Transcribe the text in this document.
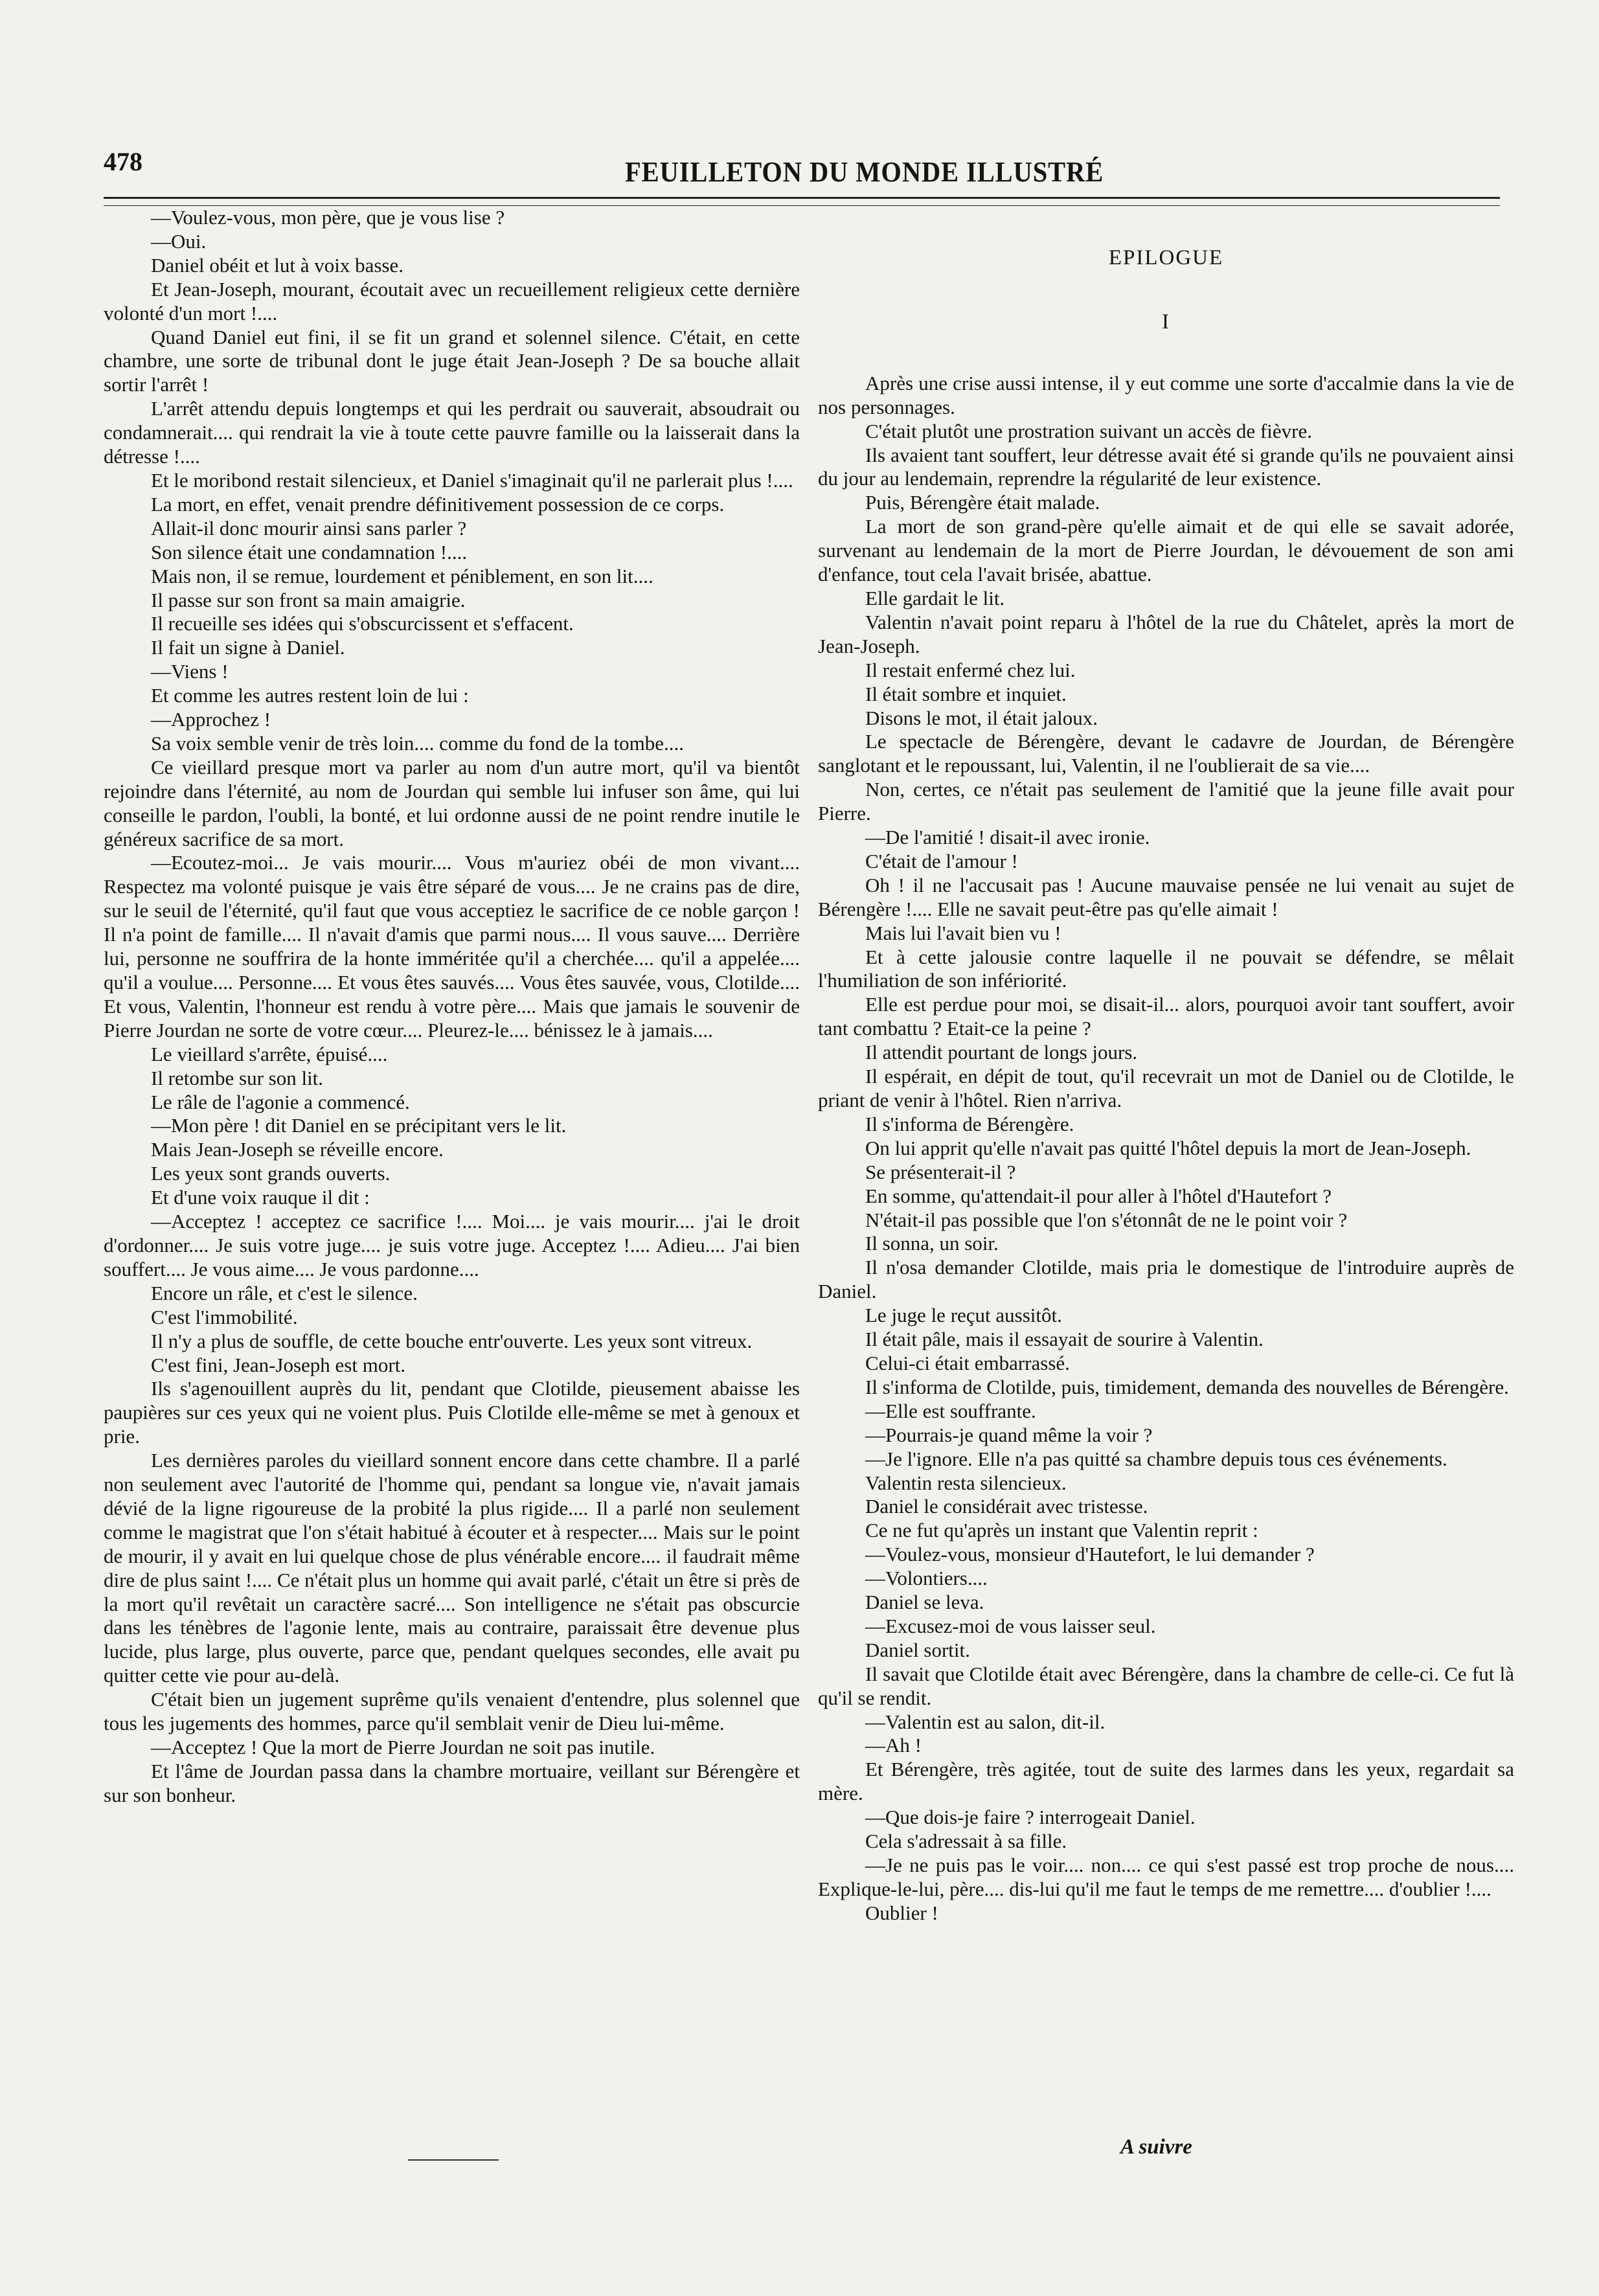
478	FEUILLETON DU MONDE ILLUSTRÉ

—Voulez-vous, mon père, que je vous lise ?

—Oui.

Daniel obéit et lut à voix basse.

Et Jean-Joseph, mourant, écoutait avec un recueillement religieux cette dernière volonté d'un mort !....

Quand Daniel eut fini, il se fit un grand et solennel silence. C'était, en cette chambre, une sorte de tribunal dont le juge était Jean-Joseph ? De sa bouche allait sortir l'arrêt !

L'arrêt attendu depuis longtemps et qui les perdrait ou sauverait, absoudrait ou condamnerait.... qui rendrait la vie à toute cette pauvre famille ou la laisserait dans la détresse !....

Et le moribond restait silencieux, et Daniel s'imaginait qu'il ne parlerait plus !....

La mort, en effet, venait prendre définitivement possession de ce corps.

Allait-il donc mourir ainsi sans parler ?

Son silence était une condamnation !....

Mais non, il se remue, lourdement et péniblement, en son lit....

Il passe sur son front sa main amaigrie.

Il recueille ses idées qui s'obscurcissent et s'effacent.

Il fait un signe à Daniel.

—Viens !

Et comme les autres restent loin de lui :

—Approchez !

Sa voix semble venir de très loin.... comme du fond de la tombe....

Ce vieillard presque mort va parler au nom d'un autre mort, qu'il va bientôt rejoindre dans l'éternité, au nom de Jourdan qui semble lui infuser son âme, qui lui conseille le pardon, l'oubli, la bonté, et lui ordonne aussi de ne point rendre inutile le généreux sacrifice de sa mort.

—Ecoutez-moi... Je vais mourir.... Vous m'auriez obéi de mon vivant.... Respectez ma volonté puisque je vais être séparé de vous.... Je ne crains pas de dire, sur le seuil de l'éternité, qu'il faut que vous acceptiez le sacrifice de ce noble garçon ! Il n'a point de famille.... Il n'avait d'amis que parmi nous.... Il vous sauve.... Derrière lui, personne ne souffrira de la honte imméritée qu'il a cherchée.... qu'il a appelée.... qu'il a voulue.... Personne.... Et vous êtes sauvés.... Vous êtes sauvée, vous, Clotilde.... Et vous, Valentin, l'honneur est rendu à votre père.... Mais que jamais le souvenir de Pierre Jourdan ne sorte de votre cœur.... Pleurez-le.... bénissez le à jamais....

Le vieillard s'arrête, épuisé....

Il retombe sur son lit.

Le râle de l'agonie a commencé.

—Mon père ! dit Daniel en se précipitant vers le lit.

Mais Jean-Joseph se réveille encore.

Les yeux sont grands ouverts.

Et d'une voix rauque il dit :

—Acceptez ! acceptez ce sacrifice !.... Moi.... je vais mourir.... j'ai le droit d'ordonner.... Je suis votre juge.... je suis votre juge. Acceptez !.... Adieu.... J'ai bien souffert.... Je vous aime.... Je vous pardonne....

Encore un râle, et c'est le silence.

C'est l'immobilité.

Il n'y a plus de souffle, de cette bouche entr'ouverte. Les yeux sont vitreux.

C'est fini, Jean-Joseph est mort.

Ils s'agenouillent auprès du lit, pendant que Clotilde, pieusement abaisse les paupières sur ces yeux qui ne voient plus. Puis Clotilde elle-même se met à genoux et prie.

Les dernières paroles du vieillard sonnent encore dans cette chambre. Il a parlé non seulement avec l'autorité de l'homme qui, pendant sa longue vie, n'avait jamais dévié de la ligne rigoureuse de la probité la plus rigide.... Il a parlé non seulement comme le magistrat que l'on s'était habitué à écouter et à respecter.... Mais sur le point de mourir, il y avait en lui quelque chose de plus vénérable encore.... il faudrait même dire de plus saint !.... Ce n'était plus un homme qui avait parlé, c'était un être si près de la mort qu'il revêtait un caractère sacré.... Son intelligence ne s'était pas obscurcie dans les ténèbres de l'agonie lente, mais au contraire, paraissait être devenue plus lucide, plus large, plus ouverte, parce que, pendant quelques secondes, elle avait pu quitter cette vie pour au-delà.

C'était bien un jugement suprême qu'ils venaient d'entendre, plus solennel que tous les jugements des hommes, parce qu'il semblait venir de Dieu lui-même.

—Acceptez ! Que la mort de Pierre Jourdan ne soit pas inutile.

Et l'âme de Jourdan passa dans la chambre mortuaire, veillant sur Bérengère et sur son bonheur.

EPILOGUE

I

Après une crise aussi intense, il y eut comme une sorte d'accalmie dans la vie de nos personnages.

C'était plutôt une prostration suivant un accès de fièvre.

Ils avaient tant souffert, leur détresse avait été si grande qu'ils ne pouvaient ainsi du jour au lendemain, reprendre la régularité de leur existence.

Puis, Bérengère était malade.

La mort de son grand-père qu'elle aimait et de qui elle se savait adorée, survenant au lendemain de la mort de Pierre Jourdan, le dévouement de son ami d'enfance, tout cela l'avait brisée, abattue.

Elle gardait le lit.

Valentin n'avait point reparu à l'hôtel de la rue du Châtelet, après la mort de Jean-Joseph.

Il restait enfermé chez lui.

Il était sombre et inquiet.

Disons le mot, il était jaloux.

Le spectacle de Bérengère, devant le cadavre de Jourdan, de Bérengère sanglotant et le repoussant, lui, Valentin, il ne l'oublierait de sa vie....

Non, certes, ce n'était pas seulement de l'amitié que la jeune fille avait pour Pierre.

—De l'amitié ! disait-il avec ironie.

C'était de l'amour !

Oh ! il ne l'accusait pas ! Aucune mauvaise pensée ne lui venait au sujet de Bérengère !.... Elle ne savait peut-être pas qu'elle aimait !

Mais lui l'avait bien vu !

Et à cette jalousie contre laquelle il ne pouvait se défendre, se mêlait l'humiliation de son infériorité.

Elle est perdue pour moi, se disait-il... alors, pourquoi avoir tant souffert, avoir tant combattu ? Etait-ce la peine ?

Il attendit pourtant de longs jours.

Il espérait, en dépit de tout, qu'il recevrait un mot de Daniel ou de Clotilde, le priant de venir à l'hôtel. Rien n'arriva.

Il s'informa de Bérengère.

On lui apprit qu'elle n'avait pas quitté l'hôtel depuis la mort de Jean-Joseph.

Se présenterait-il ?

En somme, qu'attendait-il pour aller à l'hôtel d'Hautefort ?

N'était-il pas possible que l'on s'étonnât de ne le point voir ?

Il sonna, un soir.

Il n'osa demander Clotilde, mais pria le domestique de l'introduire auprès de Daniel.

Le juge le reçut aussitôt.

Il était pâle, mais il essayait de sourire à Valentin.

Celui-ci était embarrassé.

Il s'informa de Clotilde, puis, timidement, demanda des nouvelles de Bérengère.

—Elle est souffrante.

—Pourrais-je quand même la voir ?

—Je l'ignore. Elle n'a pas quitté sa chambre depuis tous ces événements.

Valentin resta silencieux.

Daniel le considérait avec tristesse.

Ce ne fut qu'après un instant que Valentin reprit :

—Voulez-vous, monsieur d'Hautefort, le lui demander ?

—Volontiers....

Daniel se leva.

—Excusez-moi de vous laisser seul.

Daniel sortit.

Il savait que Clotilde était avec Bérengère, dans la chambre de celle-ci. Ce fut là qu'il se rendit.

—Valentin est au salon, dit-il.

—Ah !

Et Bérengère, très agitée, tout de suite des larmes dans les yeux, regardait sa mère.

—Que dois-je faire ? interrogeait Daniel.

Cela s'adressait à sa fille.

—Je ne puis pas le voir.... non.... ce qui s'est passé est trop proche de nous.... Explique-le-lui, père.... dis-lui qu'il me faut le temps de me remettre.... d'oublier !....

Oublier !

A suivre
